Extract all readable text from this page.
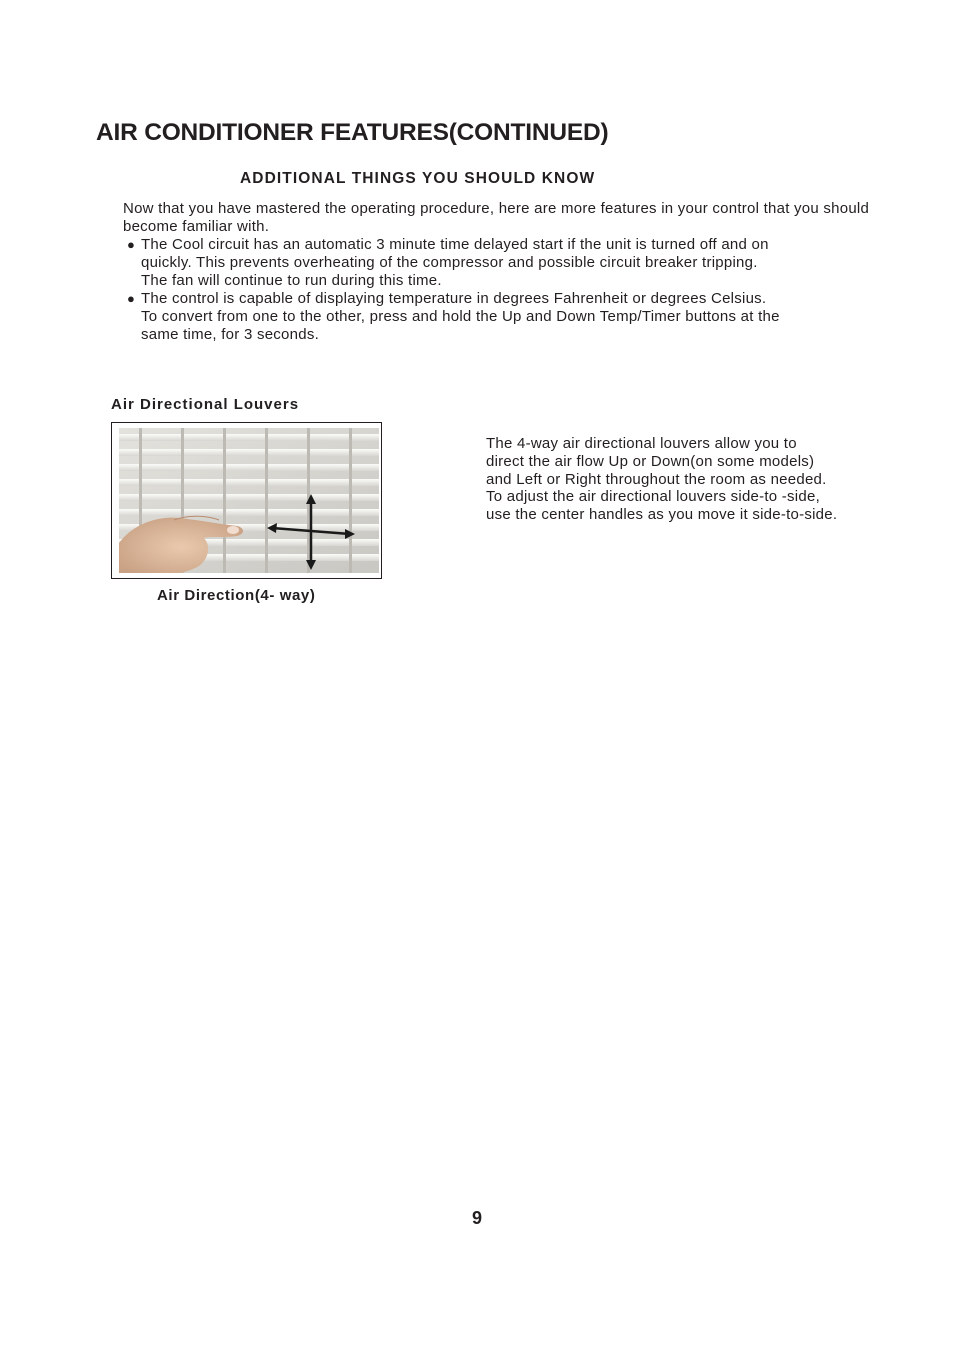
AIR CONDITIONER FEATURES(CONTINUED)
ADDITIONAL THINGS YOU SHOULD KNOW

Now that you have mastered the operating procedure, here are more features in your control that you should become familiar with.

● The Cool circuit has an automatic 3 minute time delayed start if the unit is turned off and on
quickly. This prevents overheating of the compressor and possible circuit breaker tripping.
The fan will continue to run during this time.
● The control is capable of displaying temperature in degrees Fahrenheit or degrees Celsius.
To convert from one to the other, press and hold the Up and Down Temp/Timer buttons at the
same time, for 3 seconds.
Air Directional Louvers

Air Direction(4- way)

The 4-way air directional louvers allow you to
direct the air flow Up or Down(on some models)
and Left or Right throughout the room as needed.
To adjust the air directional louvers side-to -side,
use the center handles as you move it side-to-side.

9
